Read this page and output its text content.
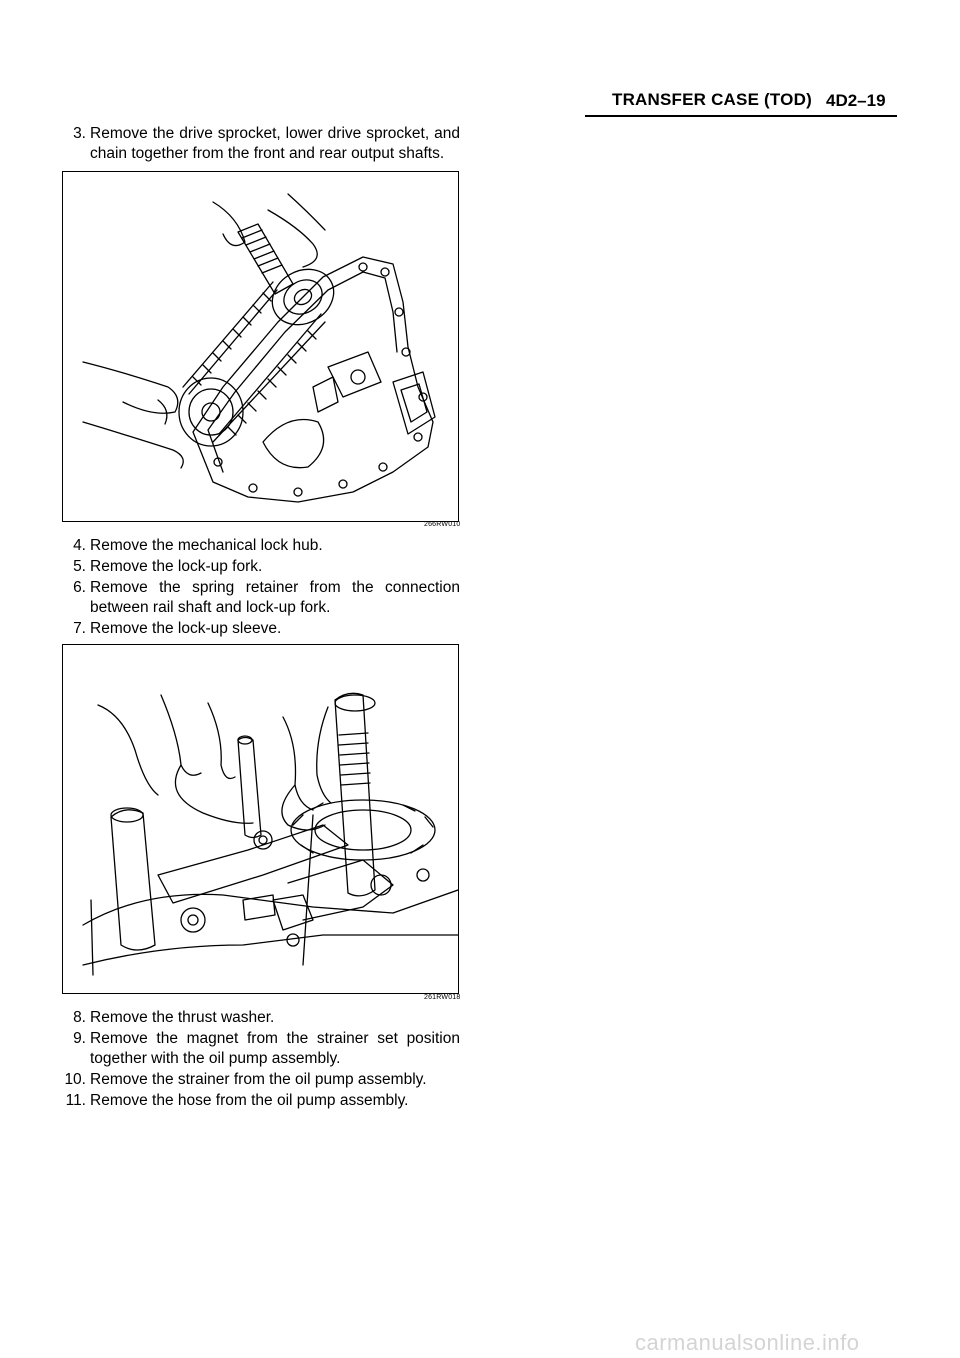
TRANSFER CASE (TOD) 4D2–19
3. Remove the drive sprocket, lower drive sprocket, and chain together from the front and rear output shafts.
266RW010
4. Remove the mechanical lock hub.
5. Remove the lock-up fork.
6. Remove the spring retainer from the connection between rail shaft and lock-up fork.
7. Remove the lock-up sleeve.
261RW018
8. Remove the thrust washer.
9. Remove the magnet from the strainer set position together with the oil pump assembly.
10. Remove the strainer from the oil pump assembly.
11. Remove the hose from the oil pump assembly.
carmanualsonline.info
